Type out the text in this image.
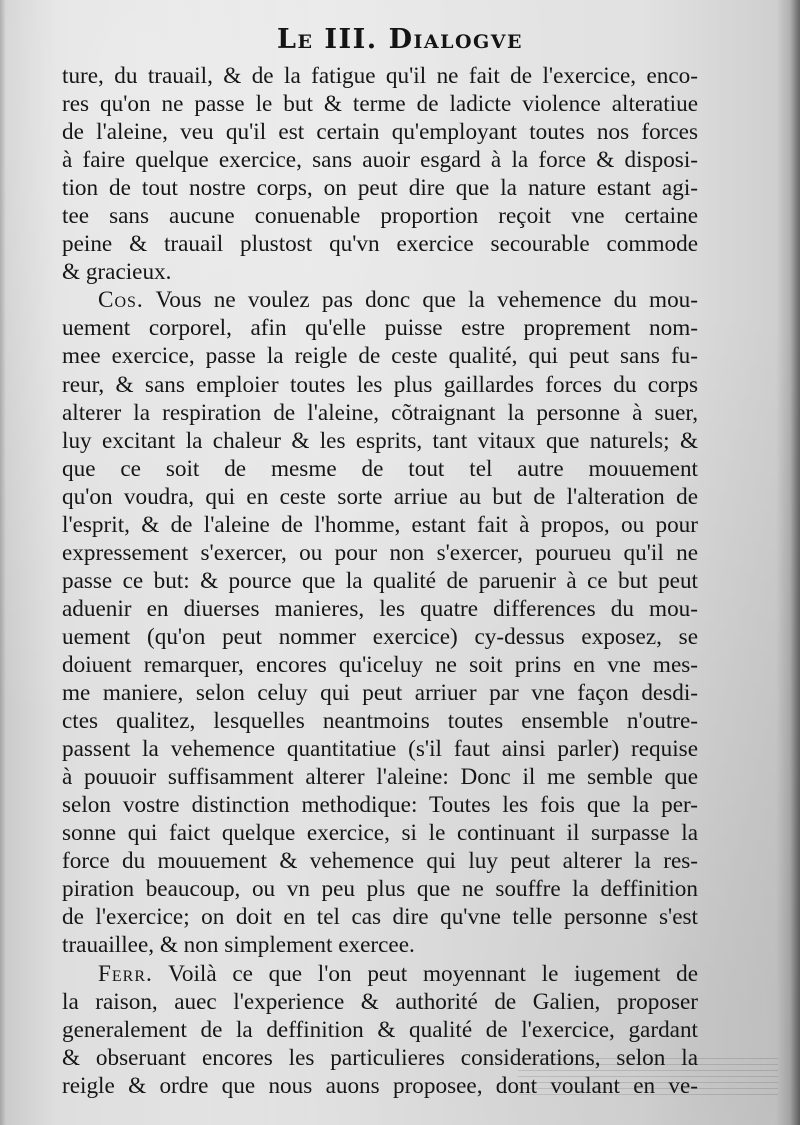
Le III. Dialogve
ture, du trauail, & de la fatigue qu'il ne fait de l'exercice, enco-
res qu'on ne passe le but & terme de ladicte violence alteratiue
de l'aleine, veu qu'il est certain qu'employant toutes nos forces
à faire quelque exercice, sans auoir esgard à la force & disposi-
tion de tout nostre corps, on peut dire que la nature estant agi-
tee sans aucune conuenable proportion reçoit vne certaine
peine & trauail plustost qu'vn exercice secourable commode
& gracieux.
Cos. Vous ne voulez pas donc que la vehemence du mou-
uement corporel, afin qu'elle puisse estre proprement nom-
mee exercice, passe la reigle de ceste qualité, qui peut sans fu-
reur, & sans emploier toutes les plus gaillardes forces du corps
alterer la respiration de l'aleine, cõtraignant la personne à suer,
luy excitant la chaleur & les esprits, tant vitaux que naturels; &
que ce soit de mesme de tout tel autre mouuement
qu'on voudra, qui en ceste sorte arriue au but de l'alteration de
l'esprit, & de l'aleine de l'homme, estant fait à propos, ou pour
expressement s'exercer, ou pour non s'exercer, pourueu qu'il ne
passe ce but: & pource que la qualité de paruenir à ce but peut
aduenir en diuerses manieres, les quatre differences du mou-
uement (qu'on peut nommer exercice) cy-dessus exposez, se
doiuent remarquer, encores qu'iceluy ne soit prins en vne mes-
me maniere, selon celuy qui peut arriuer par vne façon desdi-
ctes qualitez, lesquelles neantmoins toutes ensemble n'outre-
passent la vehemence quantitatiue (s'il faut ainsi parler) requise
à pouuoir suffisamment alterer l'aleine: Donc il me semble que
selon vostre distinction methodique: Toutes les fois que la per-
sonne qui faict quelque exercice, si le continuant il surpasse la
force du mouuement & vehemence qui luy peut alterer la res-
piration beaucoup, ou vn peu plus que ne souffre la deffinition
de l'exercice; on doit en tel cas dire qu'vne telle personne s'est
trauaillee, & non simplement exercee.
Ferr. Voilà ce que l'on peut moyennant le iugement de
la raison, auec l'experience & authorité de Galien, proposer
generalement de la deffinition & qualité de l'exercice, gardant
& obseruant encores les particulieres considerations, selon la
reigle & ordre que nous auons proposee, dont voulant en ve-
